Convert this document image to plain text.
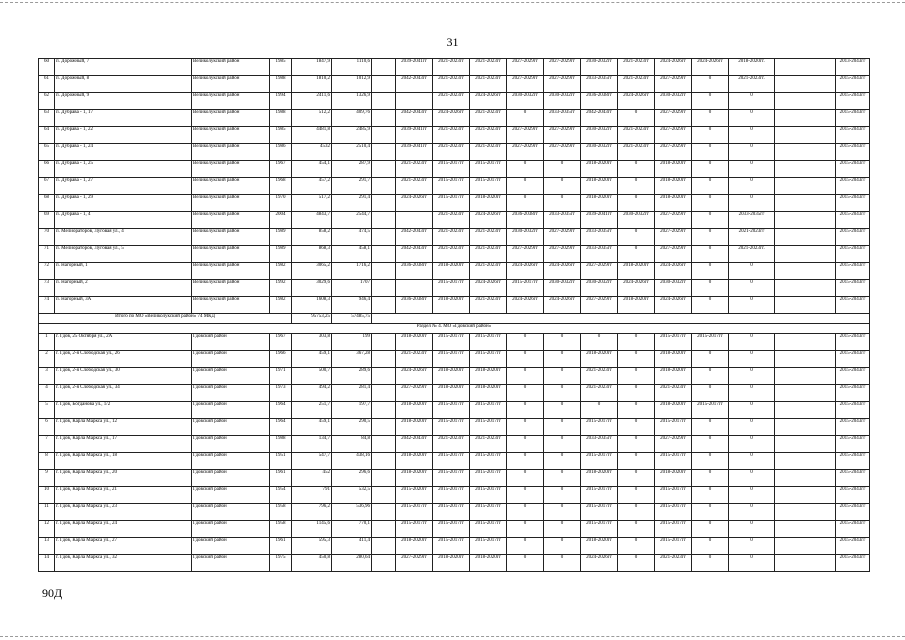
31
60	п. Дорожный, 7	Великолукский район	1985	1847,9	1110,6		2039-2041гг	2021-2023гг	2021-2023гг	2027-2029гг	2027-2029гг	2030-2032гг	2021-2023гг	2024-2026гг	2024-2026гг	2018-2020гг.		2013-2043гг
61	п. Дорожный, 8	Великолукский район	1988	1810,2	1012,9		2042-2043гг	2021-2023гг	2021-2023гг	2027-2029гг	2027-2029гг	2033-2035гг	2021-2023гг	2027-2029гг	0	2021-2023гг.		2015-2043гг
62	п. Дорожный, 9	Великолукский район	1994	2411,6	1326,9			2021-2023гг	2024-2026гг	2030-2032гг	2030-2032гг	2036-2038гг	2024-2026гг	2030-2032гг	0	0		2015-2043гг
63	п. Дубрава - 1, 17	Великолукский район	1988	512,2	409,76		2042-2043гг	2024-2026гг	2021-2023гг	0	2033-2035гг	2042-2043гг	0	2027-2029гг	0	0		2015-2043гг
64	п. Дубрава - 1, 22	Великолукский район	1985	4481,8	2485,9		2039-2041гг	2021-2023гг	2021-2023гг	2027-2029гг	2027-2029гг	2030-2032гг	2021-2023гг	2027-2029гг	0	0		2015-2043гг
65	п. Дубрава - 1, 24	Великолукский район	1986	4532	2510,4		2039-2041гг	2021-2023гг	2021-2023гг	2027-2029гг	2027-2029гг	2030-2032гг	2021-2023гг	2027-2029гг	0	0		2015-2043гг
66	п. Дубрава - 1, 25	Великолукский район	1967	454,1	287,9		2021-2023гг	2015-2017гг	2015-2017гг	0	0	2018-2020гг	0	2018-2020гг	0	0		2015-2043гг
67	п. Дубрава - 1, 27	Великолукский район	1968	457,2	291,7		2021-2023гг	2015-2017гг	2015-2017гг	0	0	2018-2020гг	0	2018-2020гг	0	0		2015-2043гг
68	п. Дубрава - 1, 29	Великолукский район	1970	517,2	291,4		2024-2026гг	2015-2017гг	2018-2020гг	0	0	2018-2020гг	0	2018-2020гг	0	0		2015-2043гг
69	п. Дубрава - 1, 4	Великолукский район	2004	4843,7	2544,7			2021-2023гг	2024-2026гг	2036-2038гг	2033-2035гг	2039-2041гг	2030-2032гг	2027-2029гг	0	2033-2035гг		2015-2043гг
70	п. Мелиораторов, Луговая ул., 4	Великолукский район	1989	858,2	474,5		2042-2043гг	2021-2023гг	2021-2023гг	2030-2032гг	2027-2029гг	2033-2035гг	0	2027-2029гг	0	2021-2023гг		2015-2043гг
71	п. Мелиораторов, Луговая ул., 5	Великолукский район	1989	868,3	458,1		2042-2043гг	2021-2023гг	2021-2023гг	2027-2029гг	2027-2029гг	2033-2035гг	0	2027-2029гг	0	2021-2023гг.		2015-2043гг
72	п. Нагорный, 1	Великолукский район	1982	3065,2	1716,2		2036-2038гг	2018-2020гг	2021-2023гг	2024-2026гг	2024-2026гг	2027-2029гг	2018-2020гг	2024-2026гг	0	0		2015-2043гг
73	п. Нагорный, 2	Великолукский район	1992	3029,6	1707			2015-2017гг	2024-2026гг	2015-2017гг	2030-2032гг	2030-2032гг	2024-2026гг	2030-2032гг	0	0		2015-2043гг
74	п. Нагорный, 3А	Великолукский район	1982	1608,3	946,4		2036-2038гг	2018-2020гг	2021-2023гг	2024-2026гг	2024-2026гг	2027-2029гг	2018-2020гг	2024-2026гг	0	0		2015-2043гг
Итого по МО «Великолукский район» 74 МКД				95753,25	57485,75													
Раздел № 4. МО «Гдовский район»																		
1	г. Гдов, 25 Октября ул., 2А	Гдовский район	1967	303,8	199		2018-2020гг	2015-2017гг	2015-2017гг	0	0	0	0	2015-2017гг	2015-2017гг	0		2015-2043гг
2	г. Гдов, 2-я Слободская ул., 26	Гдовский район	1966	459,1	367,28		2021-2023гг	2015-2017гг	2015-2017гг	0	0	2018-2020гг	0	2018-2020гг	0	0		2015-2043гг
3	г. Гдов, 2-я Слободская ул., 30	Гдовский район	1971	500,7	289,6		2024-2026гг	2018-2020гг	2018-2020гг	0	0	2021-2023гг	0	2018-2020гг	0	0		2015-2043гг
4	г. Гдов, 2-я Слободская ул., 34	Гдовский район	1973	494,2	281,4		2027-2029гг	2018-2020гг	2018-2020гг	0	0	2021-2023гг	0	2021-2023гг	0	0		2015-2043гг
5	г. Гдов, Богданова ул., 1/2	Гдовский район	1964	251,7	197,7		2018-2020гг	2015-2017гг	2015-2017гг	0	0	0	0	2018-2020гг	2015-2017гг	0		2015-2043гг
6	г. Гдов, Карла Маркса ул., 12	Гдовский район	1964	459,1	290,5		2018-2020гг	2015-2017гг	2015-2017гг	0	0	2015-2017гг	0	2015-2017гг	0	0		2015-2043гг
7	г. Гдов, Карла Маркса ул., 17	Гдовский район	1988	134,7	84,8		2042-2043гг	2021-2023гг	2021-2023гг	0	0	2033-2035гг	0	2027-2029гг	0	0		2015-2043гг
8	г. Гдов, Карла Маркса ул., 18	Гдовский район	1951	547,7	438,16		2018-2020гг	2015-2017гг	2015-2017гг	0	0	2015-2017гг	0	2015-2017гг	0	0		2015-2043гг
9	г. Гдов, Карла Маркса ул., 20	Гдовский район	1961	452	296,6		2018-2020гг	2015-2017гг	2015-2017гг	0	0	2018-2020гг	0	2018-2020гг	0	0		2015-2043гг
10	г. Гдов, Карла Маркса ул., 21	Гдовский район	1954	791	532,5		2015-2020гг	2015-2017гг	2015-2017гг	0	0	2015-2017гг	0	2015-2017гг	0	0		2015-2043гг
11	г. Гдов, Карла Маркса ул., 23	Гдовский район	1958	796,2	536,96		2015-2017гг	2015-2017гг	2015-2017гг	0	0	2015-2017гг	0	2015-2017гг	0	0		2015-2043гг
12	г. Гдов, Карла Маркса ул., 24	Гдовский район	1958	1145,6	770,1		2015-2017гг	2015-2017гг	2015-2017гг	0	0	2015-2017гг	0	2015-2017гг	0	0		2015-2043гг
13	г. Гдов, Карла Маркса ул., 27	Гдовский район	1961	595,3	411,4		2018-2020гг	2015-2017гг	2015-2017гг	0	0	2018-2020гг	0	2015-2017гг	0	0		2015-2043гг
14	г. Гдов, Карла Маркса ул., 32	Гдовский район	1975	450,8	280,64		2027-2029гг	2018-2020гг	2018-2020гг	0	0	2024-2026гг	0	2021-2023гг	0	0		2015-2043гг
90Д
